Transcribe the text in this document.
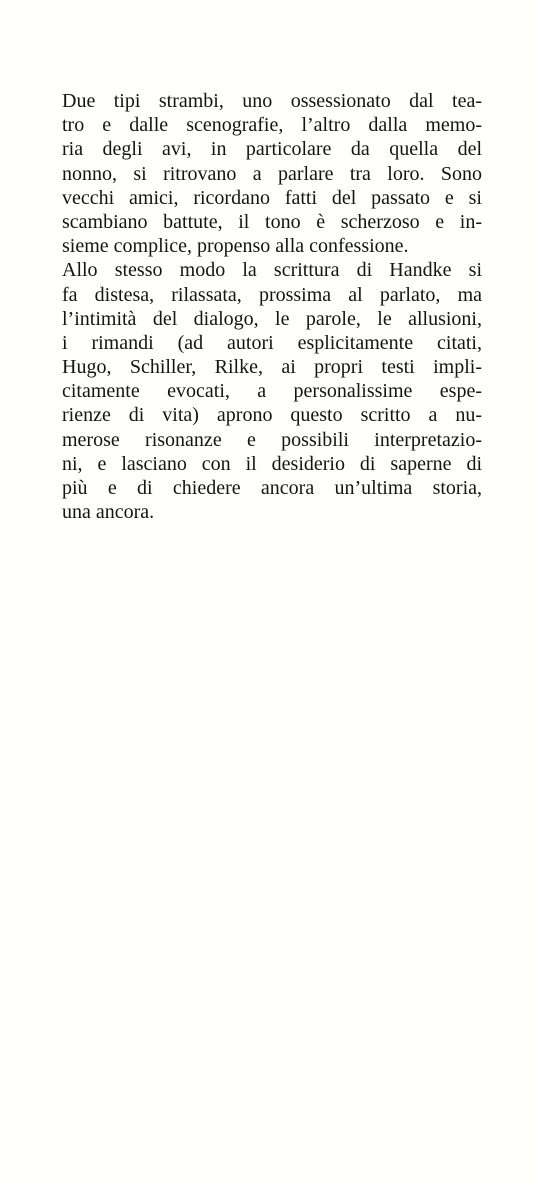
Due tipi strambi, uno ossessionato dal tea-
tro e dalle scenografie, l’altro dalla memo-
ria degli avi, in particolare da quella del
nonno, si ritrovano a parlare tra loro. Sono
vecchi amici, ricordano fatti del passato e si
scambiano battute, il tono è scherzoso e in-
sieme complice, propenso alla confessione.
Allo stesso modo la scrittura di Handke si
fa distesa, rilassata, prossima al parlato, ma
l’intimità del dialogo, le parole, le allusioni,
i rimandi (ad autori esplicitamente citati,
Hugo, Schiller, Rilke, ai propri testi impli-
citamente evocati, a personalissime espe-
rienze di vita) aprono questo scritto a nu-
merose risonanze e possibili interpretazio-
ni, e lasciano con il desiderio di saperne di
più e di chiedere ancora un’ultima storia,
una ancora.
